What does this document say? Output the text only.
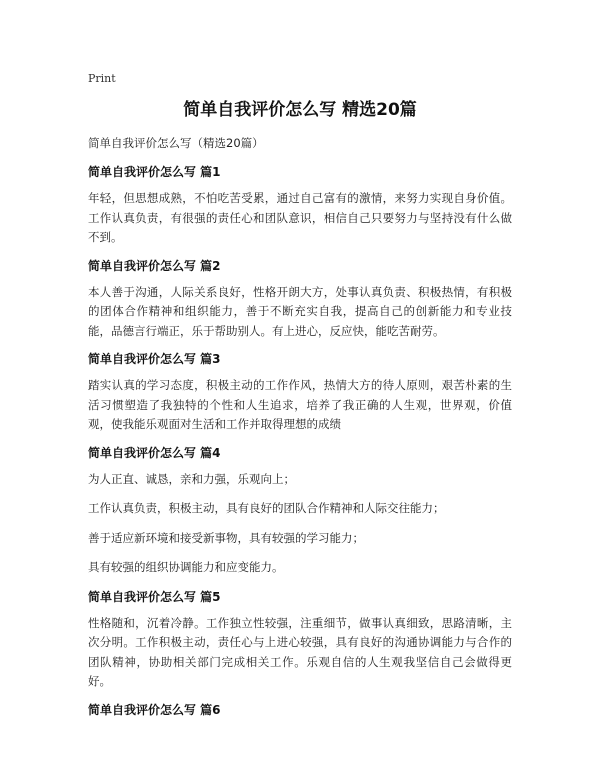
Print
简单自我评价怎么写 精选20篇
简单自我评价怎么写（精选20篇）
简单自我评价怎么写 篇1
年轻，但思想成熟，不怕吃苦受累，通过自己富有的激情，来努力实现自身价值。工作认真负责，有很强的责任心和团队意识，相信自己只要努力与坚持没有什么做不到。
简单自我评价怎么写 篇2
本人善于沟通，人际关系良好，性格开朗大方，处事认真负责、积极热情，有积极的团体合作精神和组织能力，善于不断充实自我，提高自己的创新能力和专业技能，品德言行端正，乐于帮助别人。有上进心，反应快，能吃苦耐劳。
简单自我评价怎么写 篇3
踏实认真的学习态度，积极主动的工作作风，热情大方的待人原则，艰苦朴素的生活习惯塑造了我独特的个性和人生追求，培养了我正确的人生观，世界观，价值观，使我能乐观面对生活和工作并取得理想的成绩
简单自我评价怎么写 篇4
为人正直、诚恳，亲和力强，乐观向上；
工作认真负责，积极主动，具有良好的团队合作精神和人际交往能力；
善于适应新环境和接受新事物，具有较强的学习能力；
具有较强的组织协调能力和应变能力。
简单自我评价怎么写 篇5
性格随和，沉着冷静。工作独立性较强，注重细节，做事认真细致，思路清晰，主次分明。工作积极主动，责任心与上进心较强，具有良好的沟通协调能力与合作的团队精神，协助相关部门完成相关工作。乐观自信的人生观我坚信自己会做得更好。
简单自我评价怎么写 篇6
